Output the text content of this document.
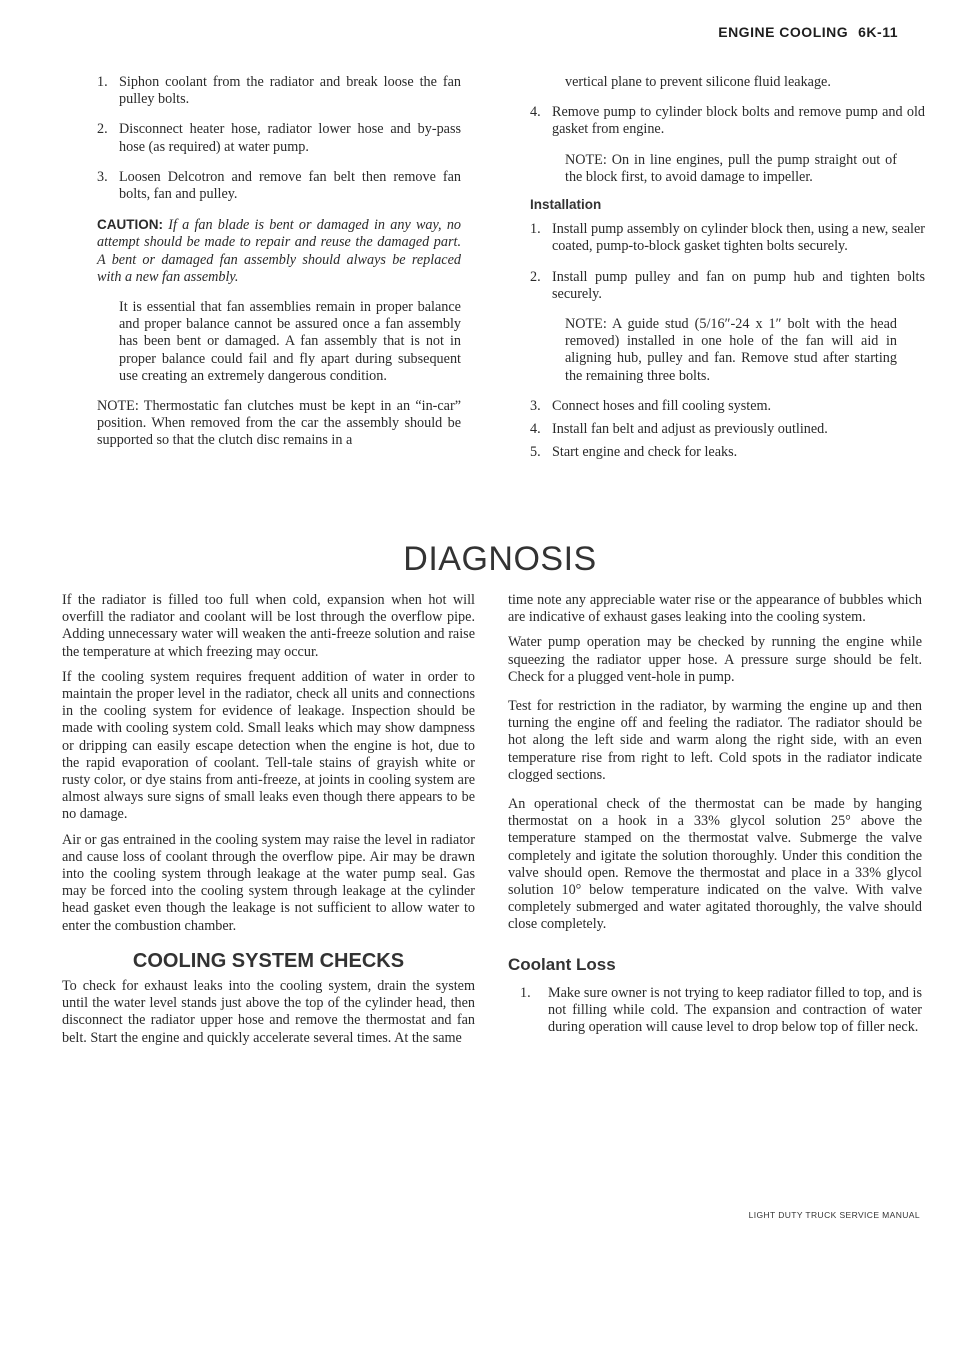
ENGINE COOLING 6K-11
1. Siphon coolant from the radiator and break loose the fan pulley bolts.
2. Disconnect heater hose, radiator lower hose and by-pass hose (as required) at water pump.
3. Loosen Delcotron and remove fan belt then remove fan bolts, fan and pulley.

CAUTION: If a fan blade is bent or damaged in any way, no attempt should be made to repair and reuse the damaged part. A bent or damaged fan assembly should always be replaced with a new fan assembly.

It is essential that fan assemblies remain in proper balance and proper balance cannot be assured once a fan assembly has been bent or damaged. A fan assembly that is not in proper balance could fail and fly apart during subsequent use creating an extremely dangerous condition.

NOTE: Thermostatic fan clutches must be kept in an “in-car” position. When removed from the car the assembly should be supported so that the clutch disc remains in a

vertical plane to prevent silicone fluid leakage.

4. Remove pump to cylinder block bolts and remove pump and old gasket from engine.

NOTE: On in line engines, pull the pump straight out of the block first, to avoid damage to impeller.

Installation
1. Install pump assembly on cylinder block then, using a new, sealer coated, pump-to-block gasket tighten bolts securely.
2. Install pump pulley and fan on pump hub and tighten bolts securely.

NOTE: A guide stud (5/16″-24 x 1″ bolt with the head removed) installed in one hole of the fan will aid in aligning hub, pulley and fan. Remove stud after starting the remaining three bolts.

3. Connect hoses and fill cooling system.
4. Install fan belt and adjust as previously outlined.
5. Start engine and check for leaks.
DIAGNOSIS

If the radiator is filled too full when cold, expansion when hot will overfill the radiator and coolant will be lost through the overflow pipe. Adding unnecessary water will weaken the anti-freeze solution and raise the temperature at which freezing may occur.

If the cooling system requires frequent addition of water in order to maintain the proper level in the radiator, check all units and connections in the cooling system for evidence of leakage. Inspection should be made with cooling system cold. Small leaks which may show dampness or dripping can easily escape detection when the engine is hot, due to the rapid evaporation of coolant. Tell-tale stains of grayish white or rusty color, or dye stains from anti-freeze, at joints in cooling system are almost always sure signs of small leaks even though there appears to be no damage.

Air or gas entrained in the cooling system may raise the level in radiator and cause loss of coolant through the overflow pipe. Air may be drawn into the cooling system through leakage at the water pump seal. Gas may be forced into the cooling system through leakage at the cylinder head gasket even though the leakage is not sufficient to allow water to enter the combustion chamber.

COOLING SYSTEM CHECKS

To check for exhaust leaks into the cooling system, drain the system until the water level stands just above the top of the cylinder head, then disconnect the radiator upper hose and remove the thermostat and fan belt. Start the engine and quickly accelerate several times. At the same

time note any appreciable water rise or the appearance of bubbles which are indicative of exhaust gases leaking into the cooling system.

Water pump operation may be checked by running the engine while squeezing the radiator upper hose. A pressure surge should be felt. Check for a plugged vent-hole in pump.

Test for restriction in the radiator, by warming the engine up and then turning the engine off and feeling the radiator. The radiator should be hot along the left side and warm along the right side, with an even temperature rise from right to left. Cold spots in the radiator indicate clogged sections.

An operational check of the thermostat can be made by hanging thermostat on a hook in a 33% glycol solution 25° above the temperature stamped on the thermostat valve. Submerge the valve completely and igitate the solution thoroughly. Under this condition the valve should open. Remove the thermostat and place in a 33% glycol solution 10° below temperature indicated on the valve. With valve completely submerged and water agitated thoroughly, the valve should close completely.

Coolant Loss
1.	Make sure owner is not trying to keep radiator filled to top, and is not filling while cold. The expansion and contraction of water during operation will cause level to drop below top of filler neck.
LIGHT DUTY TRUCK SERVICE MANUAL
